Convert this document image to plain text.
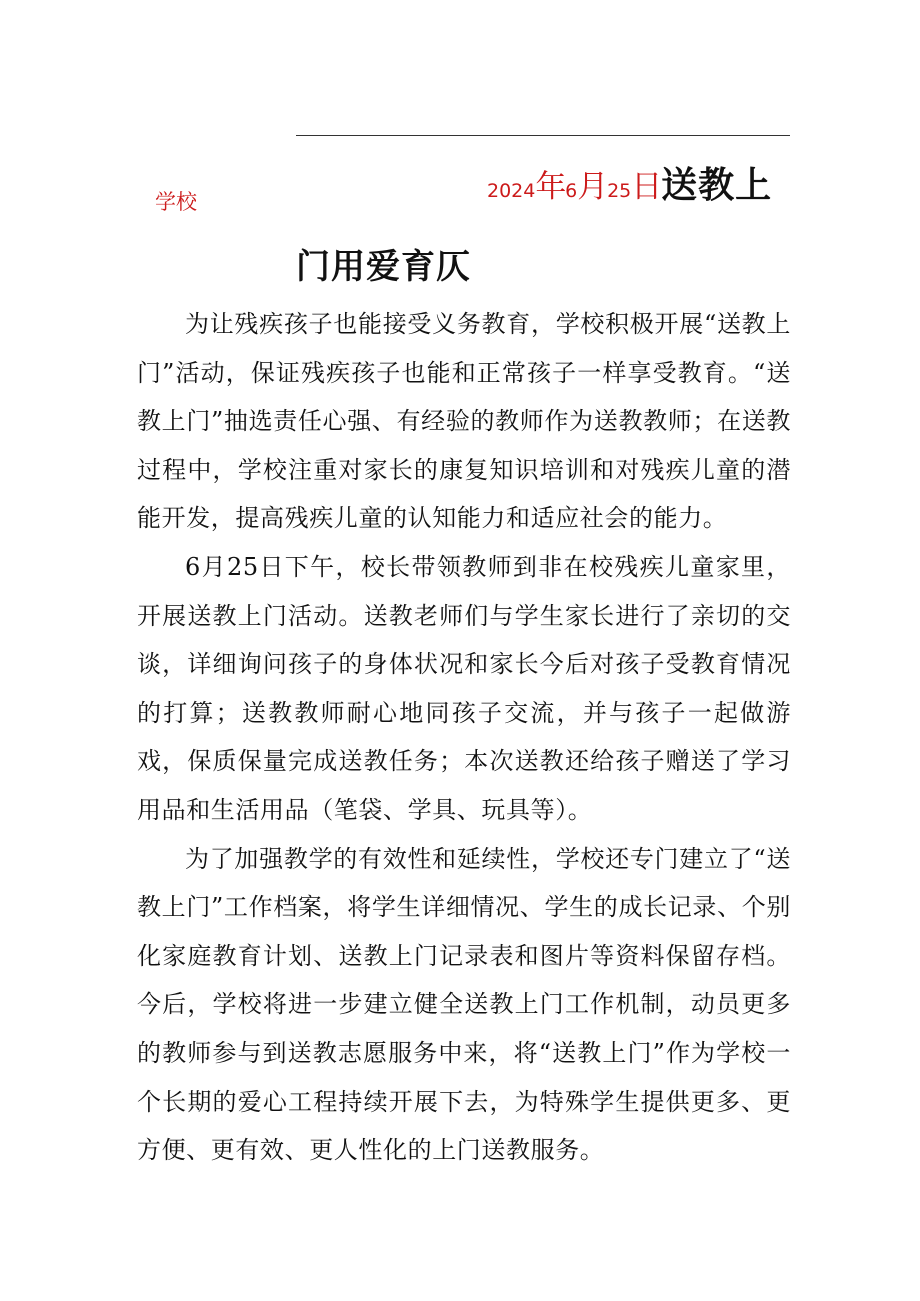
学校	2024年6月25日送教上
门用爱育仄

为让残疾孩子也能接受义务教育，学校积极开展“送教上门”活动，保证残疾孩子也能和正常孩子一样享受教育。“送教上门”抽选责任心强、有经验的教师作为送教教师；在送教过程中，学校注重对家长的康复知识培训和对残疾儿童的潜能开发，提高残疾儿童的认知能力和适应社会的能力。

6月25日下午，校长带领教师到非在校残疾儿童家里，开展送教上门活动。送教老师们与学生家长进行了亲切的交谈，详细询问孩子的身体状况和家长今后对孩子受教育情况的打算；送教教师耐心地同孩子交流，并与孩子一起做游戏，保质保量完成送教任务；本次送教还给孩子赠送了学习用品和生活用品（笔袋、学具、玩具等）。

为了加强教学的有效性和延续性，学校还专门建立了“送教上门”工作档案，将学生详细情况、学生的成长记录、个别化家庭教育计划、送教上门记录表和图片等资料保留存档。今后，学校将进一步建立健全送教上门工作机制，动员更多的教师参与到送教志愿服务中来，将“送教上门”作为学校一个长期的爱心工程持续开展下去，为特殊学生提供更多、更方便、更有效、更人性化的上门送教服务。
